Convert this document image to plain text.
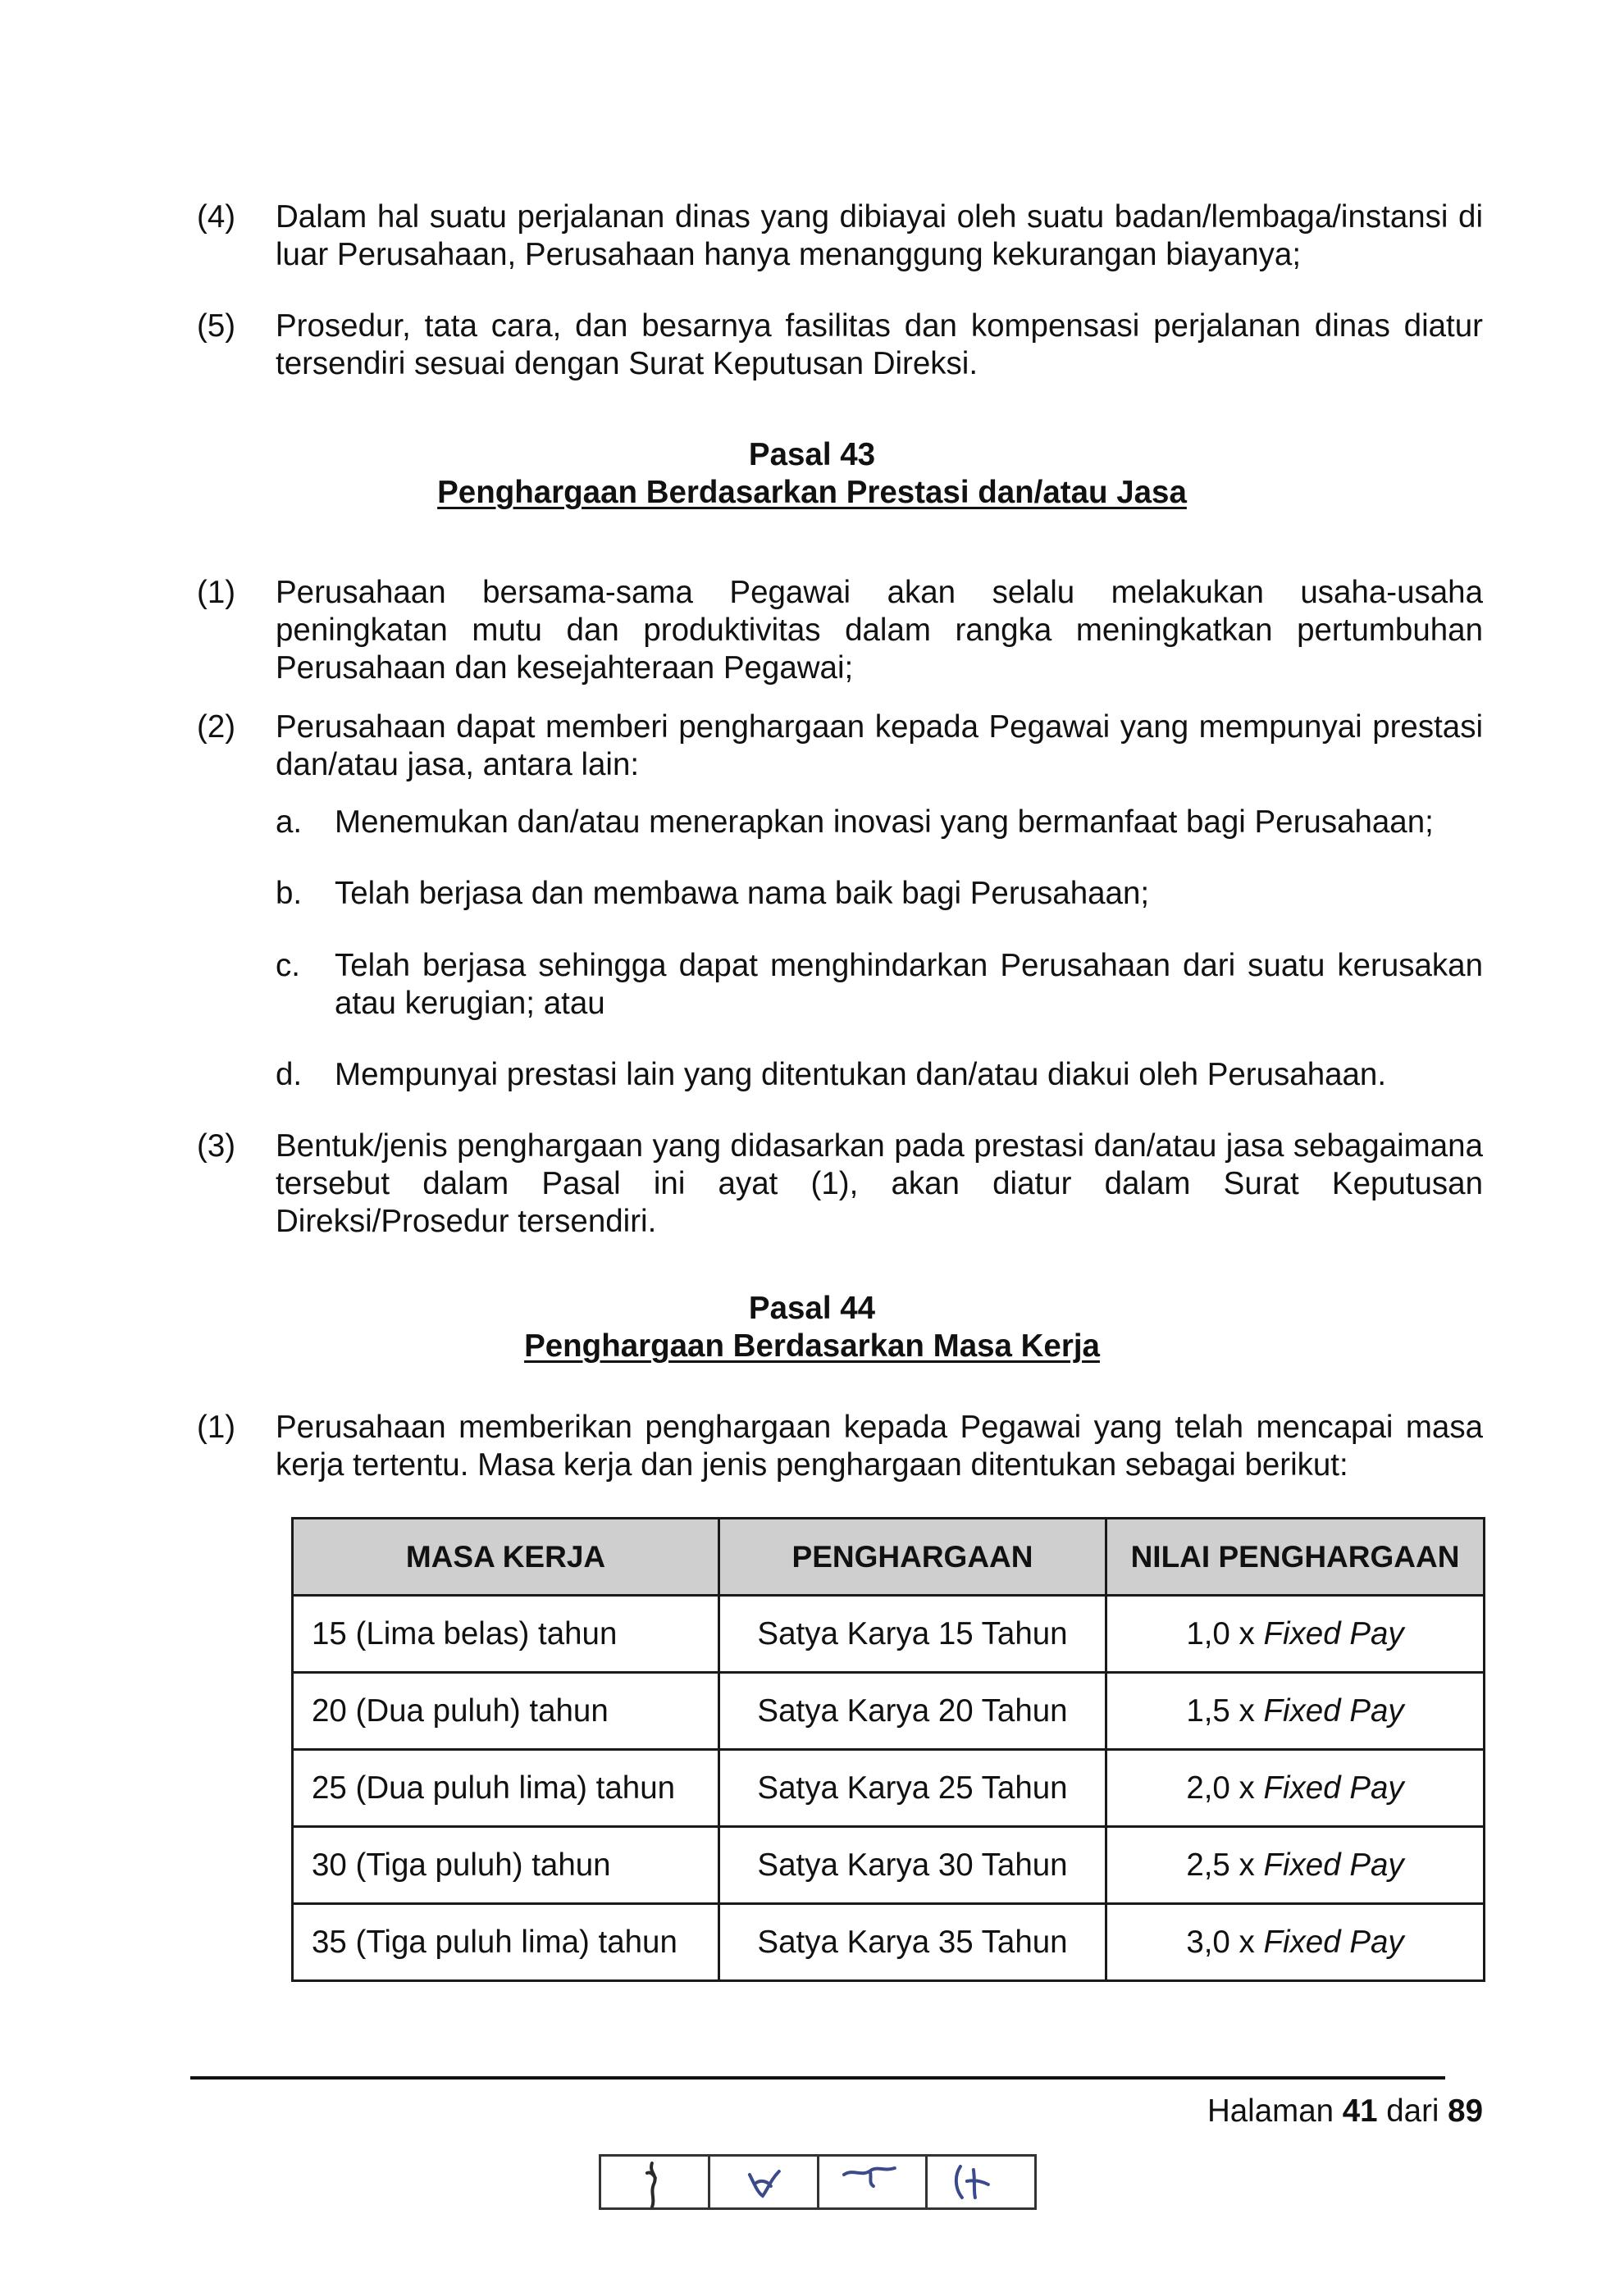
(4) Dalam hal suatu perjalanan dinas yang dibiayai oleh suatu badan/lembaga/instansi di luar Perusahaan, Perusahaan hanya menanggung kekurangan biayanya;
(5) Prosedur, tata cara, dan besarnya fasilitas dan kompensasi perjalanan dinas diatur tersendiri sesuai dengan Surat Keputusan Direksi.
Pasal 43
Penghargaan Berdasarkan Prestasi dan/atau Jasa
(1) Perusahaan bersama-sama Pegawai akan selalu melakukan usaha-usaha peningkatan mutu dan produktivitas dalam rangka meningkatkan pertumbuhan Perusahaan dan kesejahteraan Pegawai;
(2) Perusahaan dapat memberi penghargaan kepada Pegawai yang mempunyai prestasi dan/atau jasa, antara lain:
a. Menemukan dan/atau menerapkan inovasi yang bermanfaat bagi Perusahaan;
b. Telah berjasa dan membawa nama baik bagi Perusahaan;
c. Telah berjasa sehingga dapat menghindarkan Perusahaan dari suatu kerusakan atau kerugian; atau
d. Mempunyai prestasi lain yang ditentukan dan/atau diakui oleh Perusahaan.
(3) Bentuk/jenis penghargaan yang didasarkan pada prestasi dan/atau jasa sebagaimana tersebut dalam Pasal ini ayat (1), akan diatur dalam Surat Keputusan Direksi/Prosedur tersendiri.
Pasal 44
Penghargaan Berdasarkan Masa Kerja
(1) Perusahaan memberikan penghargaan kepada Pegawai yang telah mencapai masa kerja tertentu. Masa kerja dan jenis penghargaan ditentukan sebagai berikut:
MASA KERJA	PENGHARGAAN	NILAI PENGHARGAAN
15 (Lima belas) tahun	Satya Karya 15 Tahun	1,0 x Fixed Pay
20 (Dua puluh) tahun	Satya Karya 20 Tahun	1,5 x Fixed Pay
25 (Dua puluh lima) tahun	Satya Karya 25 Tahun	2,0 x Fixed Pay
30 (Tiga puluh) tahun	Satya Karya 30 Tahun	2,5 x Fixed Pay
35 (Tiga puluh lima) tahun	Satya Karya 35 Tahun	3,0 x Fixed Pay
Halaman 41 dari 89
